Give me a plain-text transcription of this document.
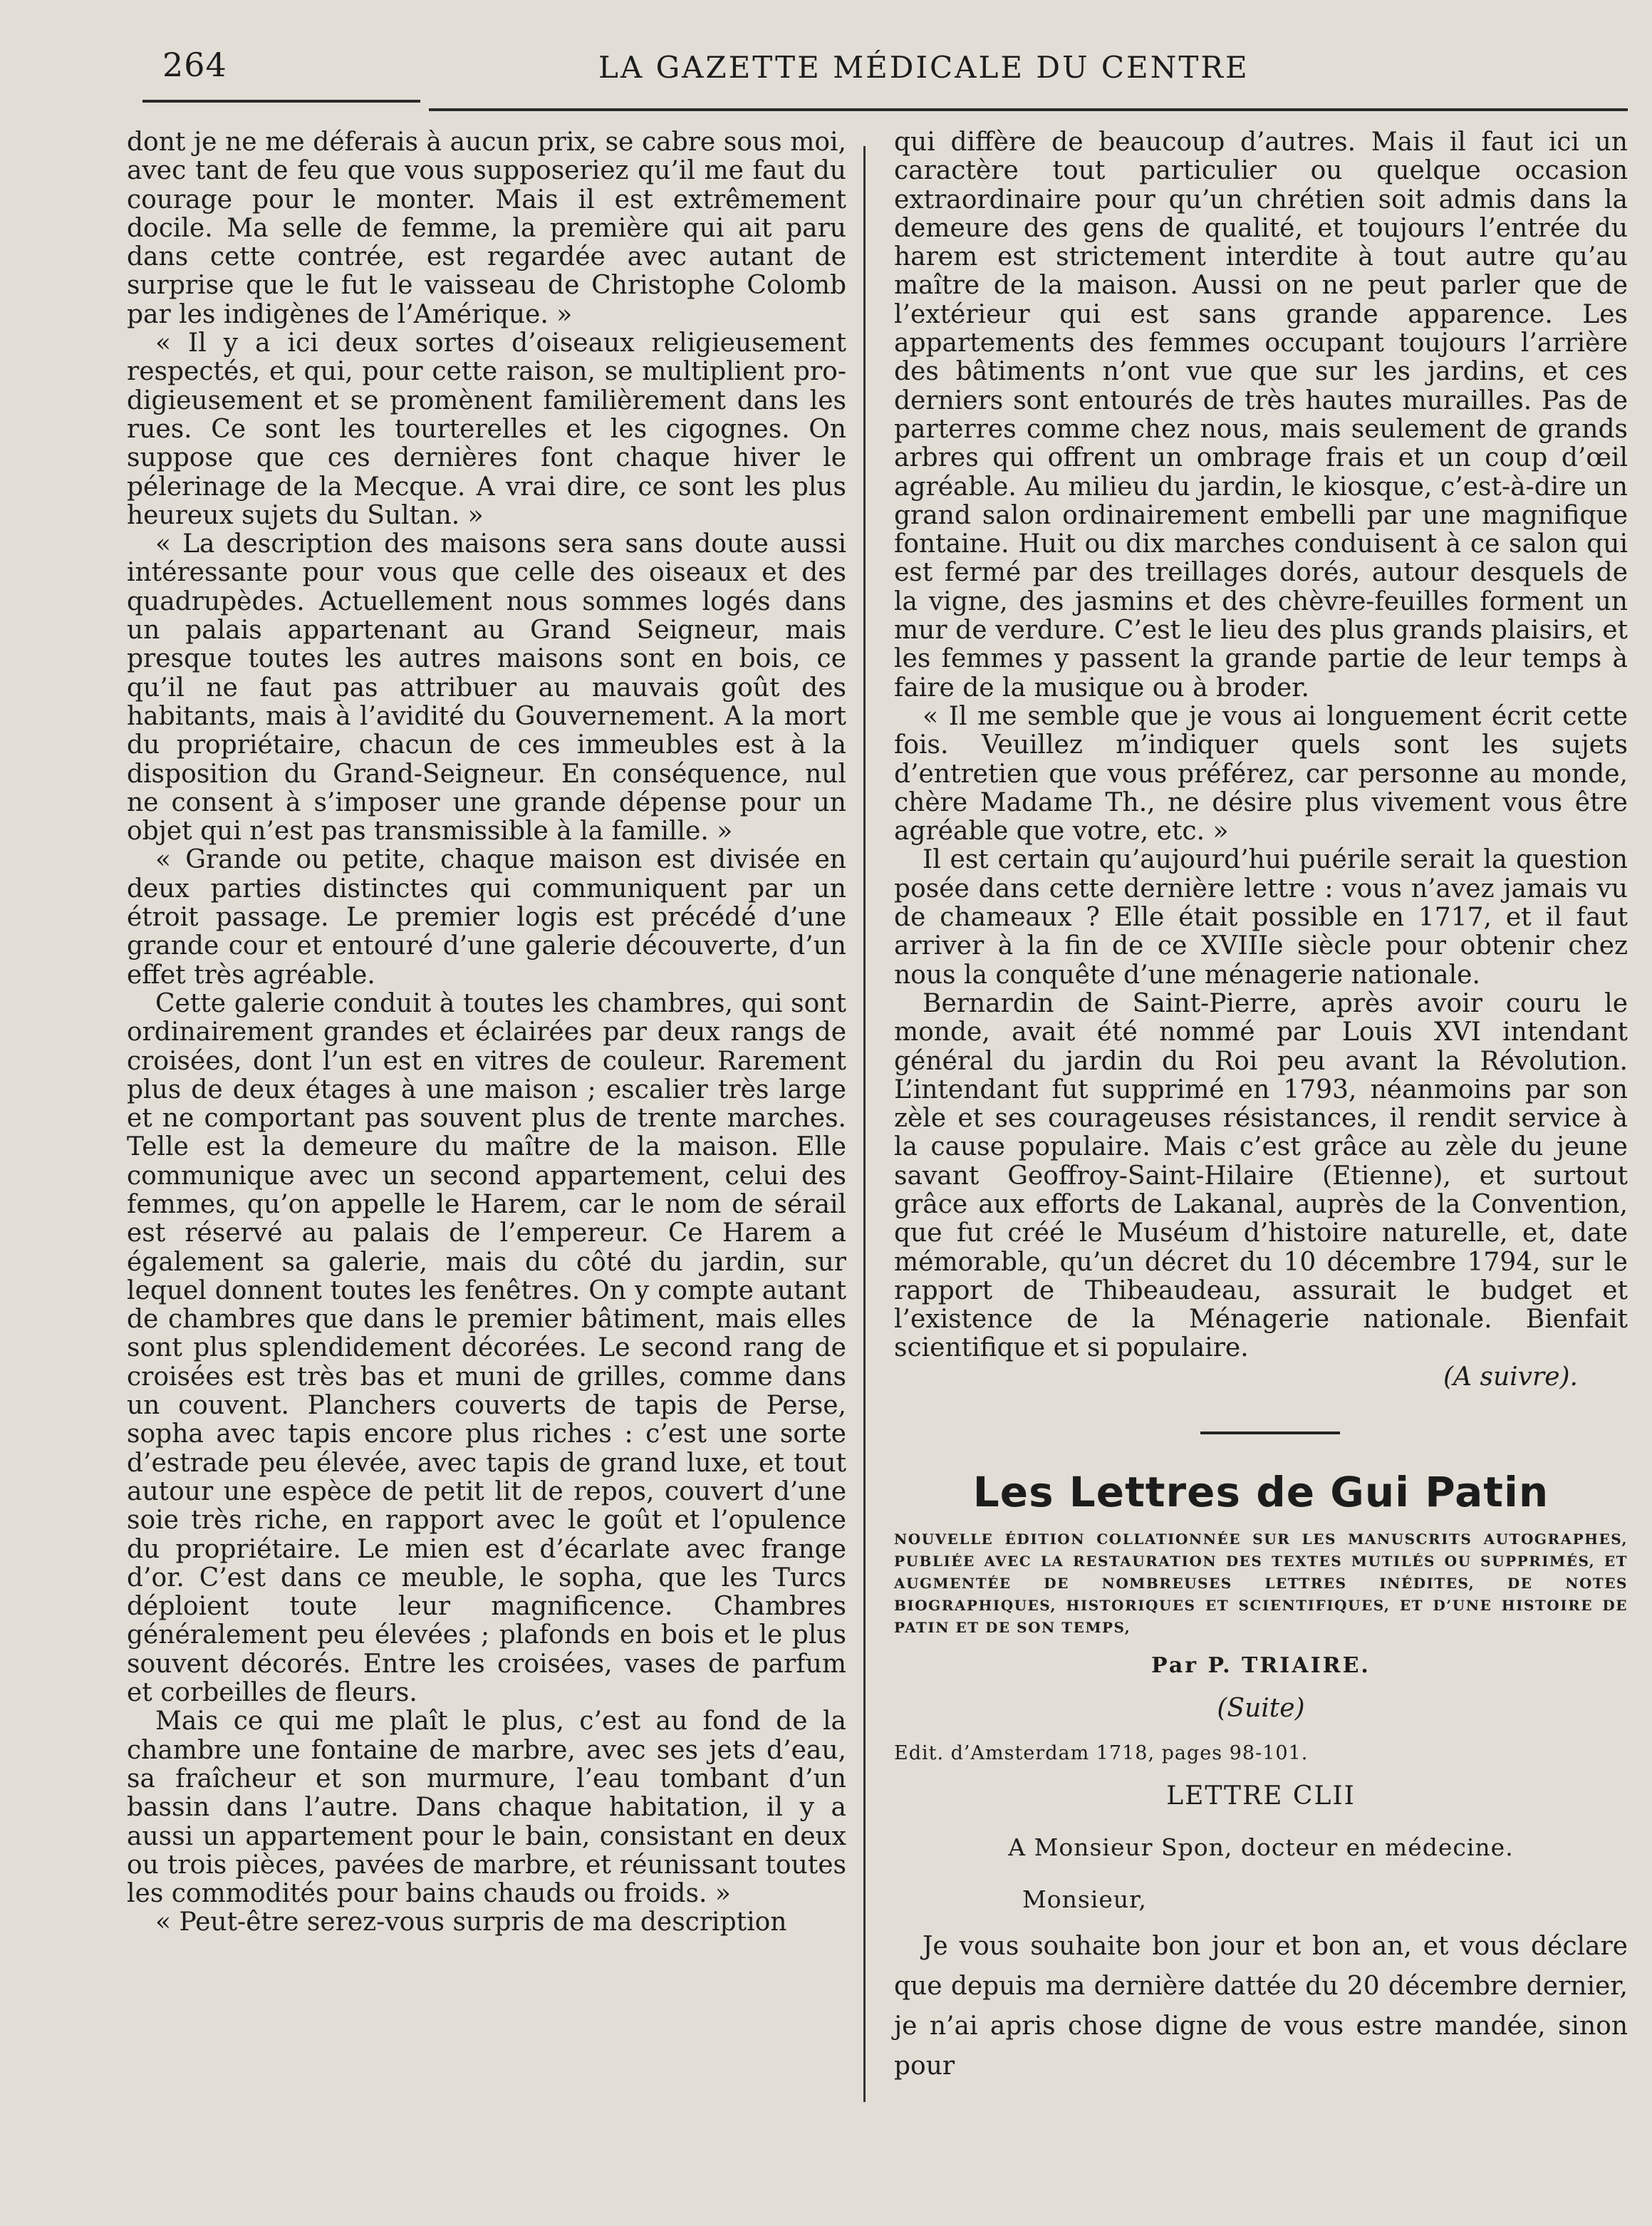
264	LA GAZETTE MÉDICALE DU CENTRE

dont je ne me déferais à aucun prix, se cabre sous moi, avec tant de feu que vous supposeriez qu’il me faut du courage pour le monter. Mais il est extrêmement docile. Ma selle de femme, la première qui ait paru dans cette contrée, est regardée avec autant de surprise que le fut le vaisseau de Christophe Colomb par les indigènes de l’Amérique. »

« Il y a ici deux sortes d’oiseaux religieusement respectés, et qui, pour cette raison, se multiplient prodigieusement et se promènent familièrement dans les rues. Ce sont les tourterelles et les cigognes. On suppose que ces dernières font chaque hiver le pélerinage de la Mecque. A vrai dire, ce sont les plus heureux sujets du Sultan. »

« La description des maisons sera sans doute aussi intéressante pour vous que celle des oiseaux et des quadrupèdes. Actuellement nous sommes logés dans un palais appartenant au Grand Seigneur, mais presque toutes les autres maisons sont en bois, ce qu’il ne faut pas attribuer au mauvais goût des habitants, mais à l’avidité du Gouvernement. A la mort du propriétaire, chacun de ces immeubles est à la disposition du Grand-Seigneur. En conséquence, nul ne consent à s’imposer une grande dépense pour un objet qui n’est pas transmissible à la famille. »

« Grande ou petite, chaque maison est divisée en deux parties distinctes qui communiquent par un étroit passage. Le premier logis est précédé d’une grande cour et entouré d’une galerie découverte, d’un effet très agréable.

Cette galerie conduit à toutes les chambres, qui sont ordinairement grandes et éclairées par deux rangs de croisées, dont l’un est en vitres de couleur. Rarement plus de deux étages à une maison ; escalier très large et ne comportant pas souvent plus de trente marches. Telle est la demeure du maître de la maison. Elle communique avec un second appartement, celui des femmes, qu’on appelle le Harem, car le nom de sérail est réservé au palais de l’empereur. Ce Harem a également sa galerie, mais du côté du jardin, sur lequel donnent toutes les fenêtres. On y compte autant de chambres que dans le premier bâtiment, mais elles sont plus splendidement décorées. Le second rang de croisées est très bas et muni de grilles, comme dans un couvent. Planchers couverts de tapis de Perse, sopha avec tapis encore plus riches : c’est une sorte d’estrade peu élevée, avec tapis de grand luxe, et tout autour une espèce de petit lit de repos, couvert d’une soie très riche, en rapport avec le goût et l’opulence du propriétaire. Le mien est d’écarlate avec frange d’or. C’est dans ce meuble, le sopha, que les Turcs déploient toute leur magnificence. Chambres généralement peu élevées ; plafonds en bois et le plus souvent décorés. Entre les croisées, vases de parfum et corbeilles de fleurs.

Mais ce qui me plaît le plus, c’est au fond de la chambre une fontaine de marbre, avec ses jets d’eau, sa fraîcheur et son murmure, l’eau tombant d’un bassin dans l’autre. Dans chaque habitation, il y a aussi un appartement pour le bain, consistant en deux ou trois pièces, pavées de marbre, et réunissant toutes les commodités pour bains chauds ou froids. »

« Peut-être serez-vous surpris de ma description

qui diffère de beaucoup d’autres. Mais il faut ici un caractère tout particulier ou quelque occasion extraordinaire pour qu’un chrétien soit admis dans la demeure des gens de qualité, et toujours l’entrée du harem est strictement interdite à tout autre qu’au maître de la maison. Aussi on ne peut parler que de l’extérieur qui est sans grande apparence. Les appartements des femmes occupant toujours l’arrière des bâtiments n’ont vue que sur les jardins, et ces derniers sont entourés de très hautes murailles. Pas de parterres comme chez nous, mais seulement de grands arbres qui offrent un ombrage frais et un coup d’œil agréable. Au milieu du jardin, le kiosque, c’est-à-dire un grand salon ordinairement embelli par une magnifique fontaine. Huit ou dix marches conduisent à ce salon qui est fermé par des treillages dorés, autour desquels de la vigne, des jasmins et des chèvre-feuilles forment un mur de verdure. C’est le lieu des plus grands plaisirs, et les femmes y passent la grande partie de leur temps à faire de la musique ou à broder.

« Il me semble que je vous ai longuement écrit cette fois. Veuillez m’indiquer quels sont les sujets d’entretien que vous préférez, car personne au monde, chère Madame Th., ne désire plus vivement vous être agréable que votre, etc. »

Il est certain qu’aujourd’hui puérile serait la question posée dans cette dernière lettre : vous n’avez jamais vu de chameaux ? Elle était possible en 1717, et il faut arriver à la fin de ce XVIIIe siècle pour obtenir chez nous la conquête d’une ménagerie nationale.

Bernardin de Saint-Pierre, après avoir couru le monde, avait été nommé par Louis XVI intendant général du jardin du Roi peu avant la Révolution. L’intendant fut supprimé en 1793, néanmoins par son zèle et ses courageuses résistances, il rendit service à la cause populaire. Mais c’est grâce au zèle du jeune savant Geoffroy-Saint-Hilaire (Etienne), et surtout grâce aux efforts de Lakanal, auprès de la Convention, que fut créé le Muséum d’histoire naturelle, et, date mémorable, qu’un décret du 10 décembre 1794, sur le rapport de Thibeaudeau, assurait le budget et l’existence de la Ménagerie nationale. Bienfait scientifique et si populaire.

(A suivre).

Les Lettres de Gui Patin
NOUVELLE ÉDITION COLLATIONNÉE SUR LES MANUSCRITS AUTOGRAPHES, PUBLIÉE AVEC LA RESTAURATION DES TEXTES MUTILÉS OU SUPPRIMÉS, ET AUGMENTÉE DE NOMBREUSES LETTRES INÉDITES, DE NOTES BIOGRAPHIQUES, HISTORIQUES ET SCIENTIFIQUES, ET D’UNE HISTOIRE DE PATIN ET DE SON TEMPS,
Par P. TRIAIRE.
(Suite)
Edit. d’Amsterdam 1718, pages 98-101.
LETTRE CLII
A Monsieur Spon, docteur en médecine.
Monsieur,

Je vous souhaite bon jour et bon an, et vous déclare que depuis ma dernière dattée du 20 décembre dernier, je n’ai apris chose digne de vous estre mandée, sinon pour
